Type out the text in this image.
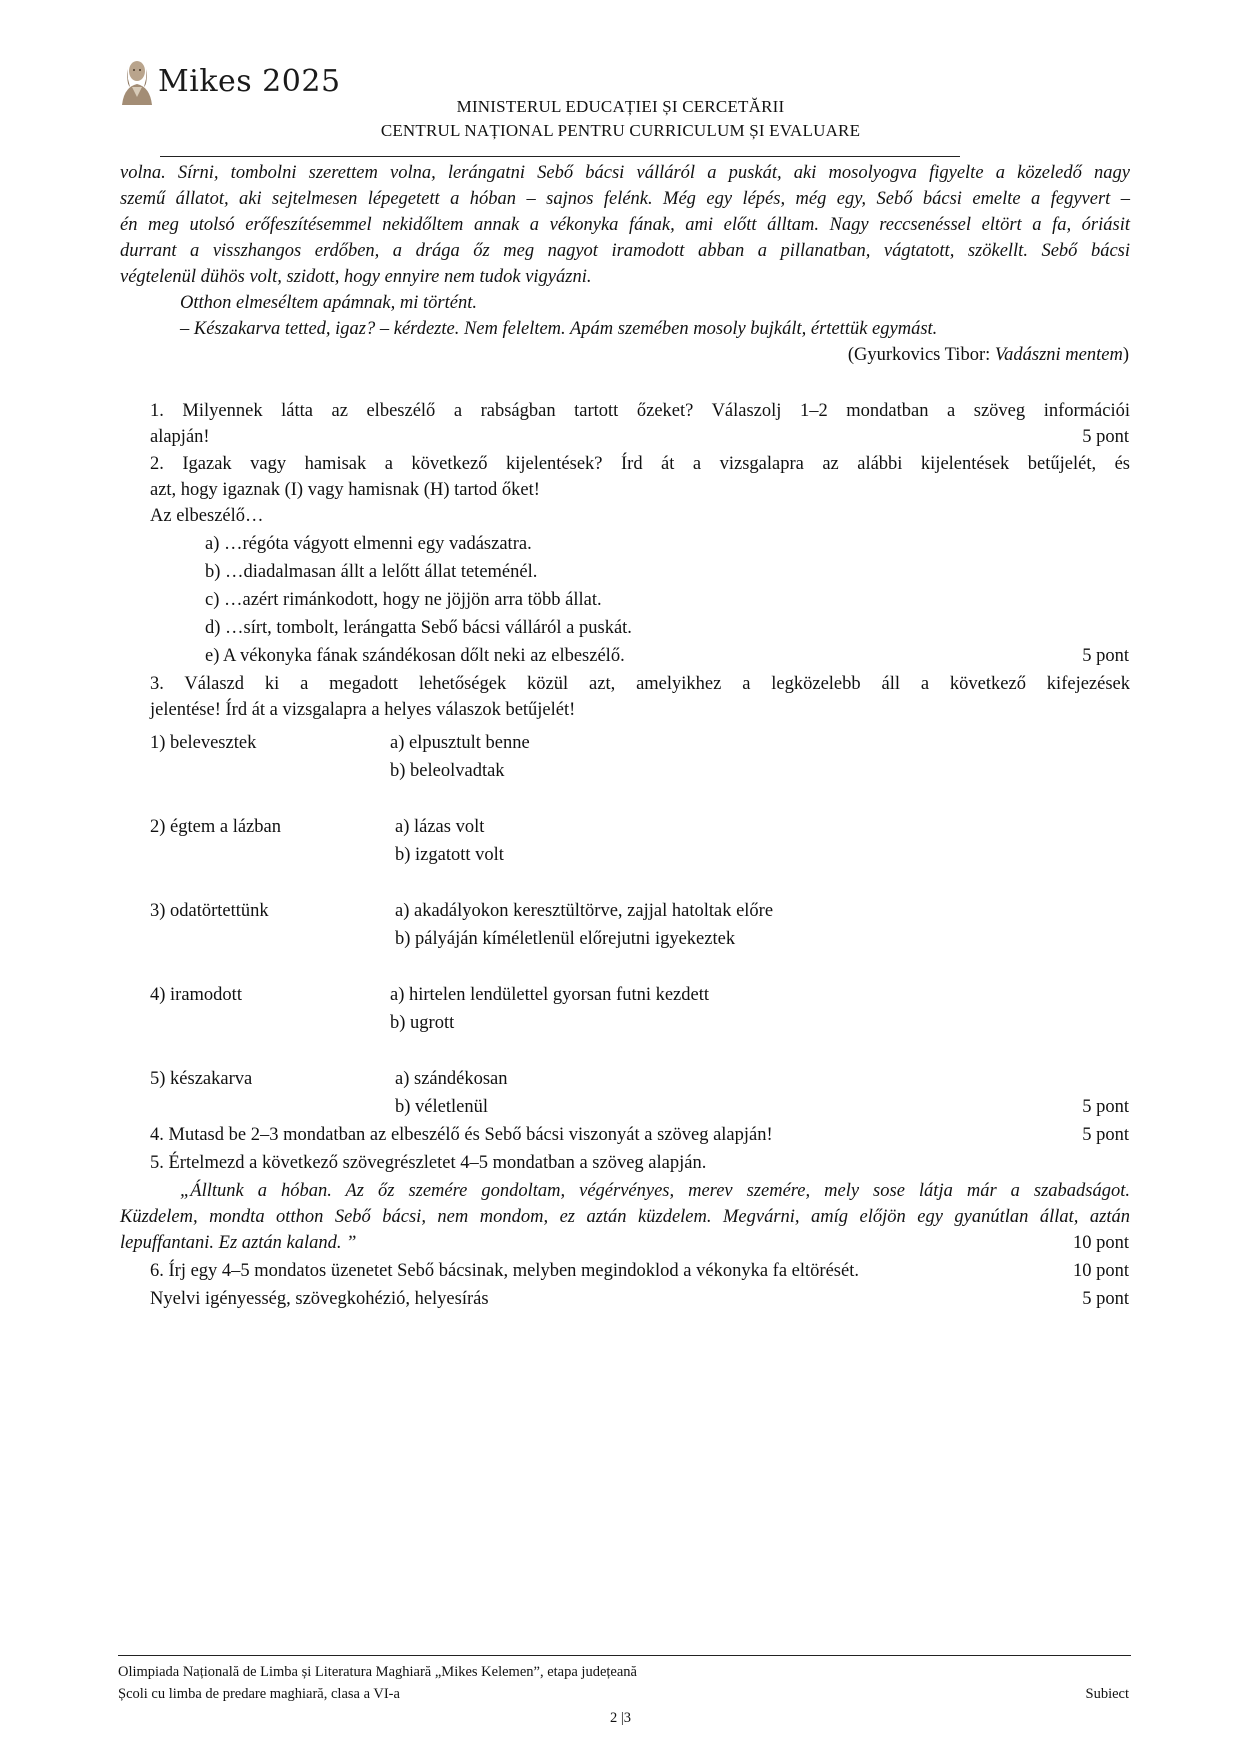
Mikes 2025
MINISTERUL EDUCAȚIEI ȘI CERCETĂRII
CENTRUL NAȚIONAL PENTRU CURRICULUM ȘI EVALUARE
volna. Sírni, tombolni szerettem volna, lerángatni Sebő bácsi válláról a puskát, aki mosolyogva figyelte a közeledő nagy
szemű állatot, aki sejtelmesen lépegetett a hóban – sajnos felénk. Még egy lépés, még egy, Sebő bácsi emelte a fegyvert –
én meg utolsó erőfeszítésemmel nekidőltem annak a vékonyka fának, ami előtt álltam. Nagy reccsenéssel eltört a fa, óriásit
durrant a visszhangos erdőben, a drága őz meg nagyot iramodott abban a pillanatban, vágtatott, szökellt. Sebő bácsi
végtelenül dühös volt, szidott, hogy ennyire nem tudok vigyázni.
Otthon elmeséltem apámnak, mi történt.
– Készakarva tetted, igaz? – kérdezte. Nem feleltem. Apám szemében mosoly bujkált, értettük egymást.
(Gyurkovics Tibor: Vadászni mentem)
1. Milyennek látta az elbeszélő a rabságban tartott őzeket? Válaszolj 1–2 mondatban a szöveg információi
alapján!	5 pont
2. Igazak vagy hamisak a következő kijelentések? Írd át a vizsgalapra az alábbi kijelentések betűjelét, és
azt, hogy igaznak (I) vagy hamisnak (H) tartod őket!
Az elbeszélő…
a) …régóta vágyott elmenni egy vadászatra.
b) …diadalmasan állt a lelőtt állat teteménél.
c) …azért rimánkodott, hogy ne jöjjön arra több állat.
d) …sírt, tombolt, lerángatta Sebő bácsi válláról a puskát.
e) A vékonyka fának szándékosan dőlt neki az elbeszélő.	5 pont
3. Válaszd ki a megadott lehetőségek közül azt, amelyikhez a legközelebb áll a következő kifejezések
jelentése! Írd át a vizsgalapra a helyes válaszok betűjelét!
1) belevesztek	a) elpusztult benne
b) beleolvadtak
2) égtem a lázban	a) lázas volt
b) izgatott volt
3) odatörtettünk	a) akadályokon keresztültörve, zajjal hatoltak előre
b) pályáján kíméletlenül előrejutni igyekeztek
4) iramodott	a) hirtelen lendülettel gyorsan futni kezdett
b) ugrott
5) készakarva	a) szándékosan
b) véletlenül	5 pont
4. Mutasd be 2–3 mondatban az elbeszélő és Sebő bácsi viszonyát a szöveg alapján!	5 pont
5. Értelmezd a következő szövegrészletet 4–5 mondatban a szöveg alapján.
„Álltunk a hóban. Az őz szemére gondoltam, végérvényes, merev szemére, mely sose látja már a szabadságot.
Küzdelem, mondta otthon Sebő bácsi, nem mondom, ez aztán küzdelem. Megvárni, amíg előjön egy gyanútlan állat, aztán
lepuffantani. Ez aztán kaland. ”	10 pont
6. Írj egy 4–5 mondatos üzenetet Sebő bácsinak, melyben megindoklod a vékonyka fa eltörését.	10 pont
Nyelvi igényesség, szövegkohézió, helyesírás	5 pont
Olimpiada Națională de Limba și Literatura Maghiară „Mikes Kelemen”, etapa județeană
Școli cu limba de predare maghiară, clasa a VI-a	Subiect
2 |3
